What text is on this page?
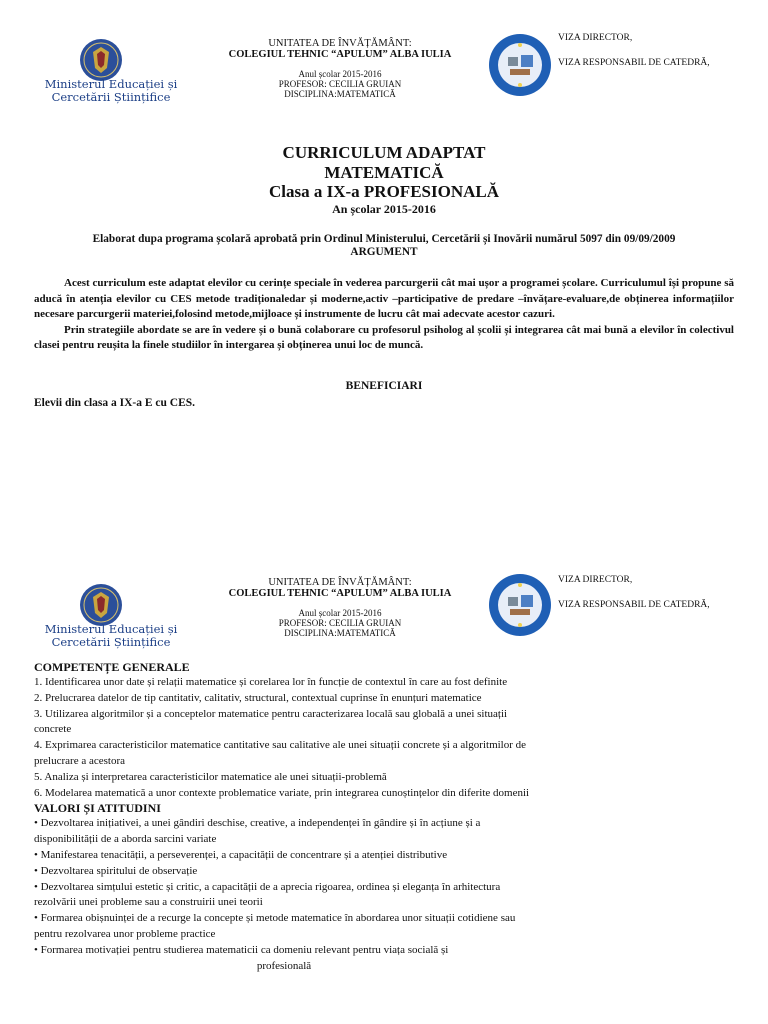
Ministerul Educației și
Cercetării Științifice
UNITATEA DE ÎNVĂȚĂMÂNT:
COLEGIUL TEHNIC “APULUM” ALBA IULIA
Anul școlar 2015-2016
PROFESOR: CECILIA GRUIAN
DISCIPLINA:MATEMATICĂ
VIZA DIRECTOR,
VIZA RESPONSABIL DE CATEDRĂ,
CURRICULUM ADAPTAT
MATEMATICĂ
Clasa a IX-a PROFESIONALĂ
An școlar 2015-2016
Elaborat dupa programa școlară aprobată prin Ordinul Ministerului, Cercetării și Inovării numărul 5097 din 09/09/2009
ARGUMENT

Acest curriculum este adaptat elevilor cu cerințe speciale în vederea parcurgerii cât mai ușor a programei școlare. Curriculumul își propune să aducă în atenția elevilor cu CES metode tradiționaledar și moderne,activ –participative de predare –învățare-evaluare,de obținerea informațiilor necesare parcurgerii materiei,folosind metode,mijloace și instrumente de lucru cât mai adecvate acestor cazuri.

Prin strategiile abordate se are în vedere și o bună colaborare cu profesorul psiholog al școlii și integrarea cât mai bună a elevilor în colectivul clasei pentru reușita la finele studiilor în intergarea și obținerea unui loc de muncă.

BENEFICIARI
Elevii din clasa a IX-a E cu CES.
Ministerul Educației și
Cercetării Științifice
UNITATEA DE ÎNVĂȚĂMÂNT:
COLEGIUL TEHNIC “APULUM” ALBA IULIA
Anul școlar 2015-2016
PROFESOR: CECILIA GRUIAN
DISCIPLINA:MATEMATICĂ
VIZA DIRECTOR,
VIZA RESPONSABIL DE CATEDRĂ,
COMPETENȚE GENERALE
1. Identificarea unor date și relații matematice și corelarea lor în funcție de contextul în care au fost definite
2. Prelucrarea datelor de tip cantitativ, calitativ, structural, contextual cuprinse în enunțuri matematice
3. Utilizarea algoritmilor și a conceptelor matematice pentru caracterizarea locală sau globală a unei situații concrete
4. Exprimarea caracteristicilor matematice cantitative sau calitative ale unei situații concrete și a algoritmilor de prelucrare a acestora
5. Analiza și interpretarea caracteristicilor matematice ale unei situații-problemă
6. Modelarea matematică a unor contexte problematice variate, prin integrarea cunoștințelor din diferite domenii
VALORI ȘI ATITUDINI
• Dezvoltarea inițiativei, a unei gândiri deschise, creative, a independenței în gândire și în acțiune și a disponibilității de a aborda sarcini variate
• Manifestarea tenacității, a perseverenței, a capacității de concentrare și a atenției distributive
• Dezvoltarea spiritului de observație
• Dezvoltarea simțului estetic și critic, a capacității de a aprecia rigoarea, ordinea și eleganța în arhitectura rezolvării unei probleme sau a construirii unei teorii
• Formarea obișnuinței de a recurge la concepte și metode matematice în abordarea unor situații cotidiene sau pentru rezolvarea unor probleme practice
• Formarea motivației pentru studierea matematicii ca domeniu relevant pentru viața socială și
profesională
